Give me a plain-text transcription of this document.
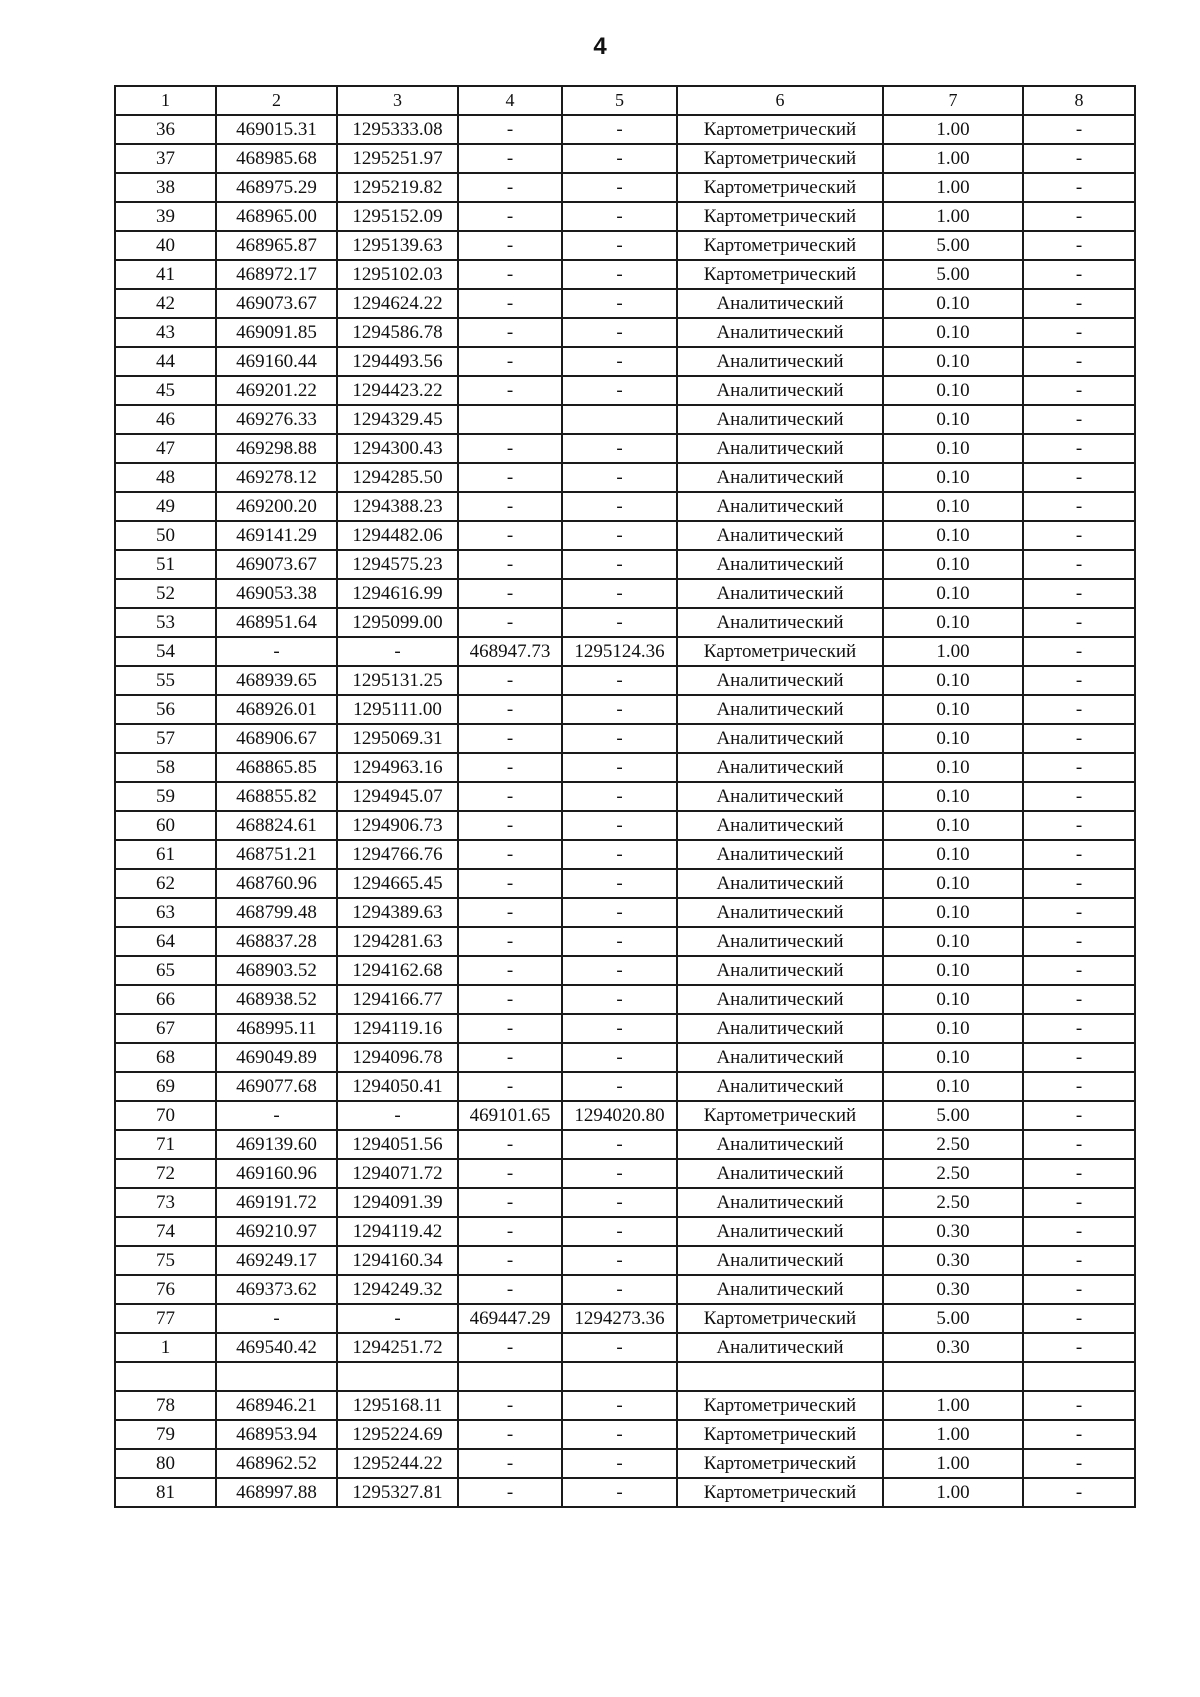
4
1	2	3	4	5	6	7	8
36	469015.31	1295333.08	-	-	Картометрический	1.00	-
37	468985.68	1295251.97	-	-	Картометрический	1.00	-
38	468975.29	1295219.82	-	-	Картометрический	1.00	-
39	468965.00	1295152.09	-	-	Картометрический	1.00	-
40	468965.87	1295139.63	-	-	Картометрический	5.00	-
41	468972.17	1295102.03	-	-	Картометрический	5.00	-
42	469073.67	1294624.22	-	-	Аналитический	0.10	-
43	469091.85	1294586.78	-	-	Аналитический	0.10	-
44	469160.44	1294493.56	-	-	Аналитический	0.10	-
45	469201.22	1294423.22	-	-	Аналитический	0.10	-
46	469276.33	1294329.45			Аналитический	0.10	-
47	469298.88	1294300.43	-	-	Аналитический	0.10	-
48	469278.12	1294285.50	-	-	Аналитический	0.10	-
49	469200.20	1294388.23	-	-	Аналитический	0.10	-
50	469141.29	1294482.06	-	-	Аналитический	0.10	-
51	469073.67	1294575.23	-	-	Аналитический	0.10	-
52	469053.38	1294616.99	-	-	Аналитический	0.10	-
53	468951.64	1295099.00	-	-	Аналитический	0.10	-
54	-	-	468947.73	1295124.36	Картометрический	1.00	-
55	468939.65	1295131.25	-	-	Аналитический	0.10	-
56	468926.01	1295111.00	-	-	Аналитический	0.10	-
57	468906.67	1295069.31	-	-	Аналитический	0.10	-
58	468865.85	1294963.16	-	-	Аналитический	0.10	-
59	468855.82	1294945.07	-	-	Аналитический	0.10	-
60	468824.61	1294906.73	-	-	Аналитический	0.10	-
61	468751.21	1294766.76	-	-	Аналитический	0.10	-
62	468760.96	1294665.45	-	-	Аналитический	0.10	-
63	468799.48	1294389.63	-	-	Аналитический	0.10	-
64	468837.28	1294281.63	-	-	Аналитический	0.10	-
65	468903.52	1294162.68	-	-	Аналитический	0.10	-
66	468938.52	1294166.77	-	-	Аналитический	0.10	-
67	468995.11	1294119.16	-	-	Аналитический	0.10	-
68	469049.89	1294096.78	-	-	Аналитический	0.10	-
69	469077.68	1294050.41	-	-	Аналитический	0.10	-
70	-	-	469101.65	1294020.80	Картометрический	5.00	-
71	469139.60	1294051.56	-	-	Аналитический	2.50	-
72	469160.96	1294071.72	-	-	Аналитический	2.50	-
73	469191.72	1294091.39	-	-	Аналитический	2.50	-
74	469210.97	1294119.42	-	-	Аналитический	0.30	-
75	469249.17	1294160.34	-	-	Аналитический	0.30	-
76	469373.62	1294249.32	-	-	Аналитический	0.30	-
77	-	-	469447.29	1294273.36	Картометрический	5.00	-
1	469540.42	1294251.72	-	-	Аналитический	0.30	-

78	468946.21	1295168.11	-	-	Картометрический	1.00	-
79	468953.94	1295224.69	-	-	Картометрический	1.00	-
80	468962.52	1295244.22	-	-	Картометрический	1.00	-
81	468997.88	1295327.81	-	-	Картометрический	1.00	-
